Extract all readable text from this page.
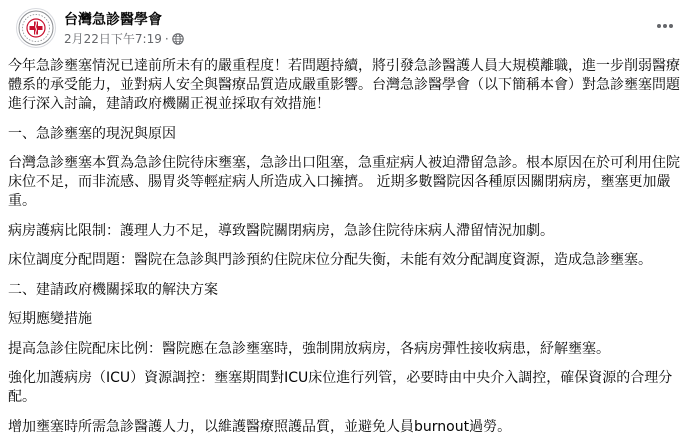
台灣急診醫學會
2月22日下午7:19 ·

今年急診壅塞情況已達前所未有的嚴重程度！若問題持續，將引發急診醫護人員大規模離職，進一步削弱醫療體系的承受能力，並對病人安全與醫療品質造成嚴重影響。台灣急診醫學會（以下簡稱本會）對急診壅塞問題進行深入討論，建請政府機關正視並採取有效措施！

一、急診壅塞的現況與原因

台灣急診壅塞本質為急診住院待床壅塞，急診出口阻塞，急重症病人被迫滯留急診。根本原因在於可利用住院床位不足，而非流感、腸胃炎等輕症病人所造成入口擁擠。 近期多數醫院因各種原因關閉病房，壅塞更加嚴重。

病房護病比限制：護理人力不足，導致醫院關閉病房，急診住院待床病人滯留情況加劇。

床位調度分配問題：醫院在急診與門診預約住院床位分配失衡，未能有效分配調度資源，造成急診壅塞。

二、建請政府機關採取的解決方案

短期應變措施

提高急診住院配床比例：醫院應在急診壅塞時，強制開放病房，各病房彈性接收病患，紓解壅塞。

強化加護病房（ICU）資源調控：壅塞期間對ICU床位進行列管，必要時由中央介入調控，確保資源的合理分配。

增加壅塞時所需急診醫護人力，以維護醫療照護品質，並避免人員burnout過勞。
